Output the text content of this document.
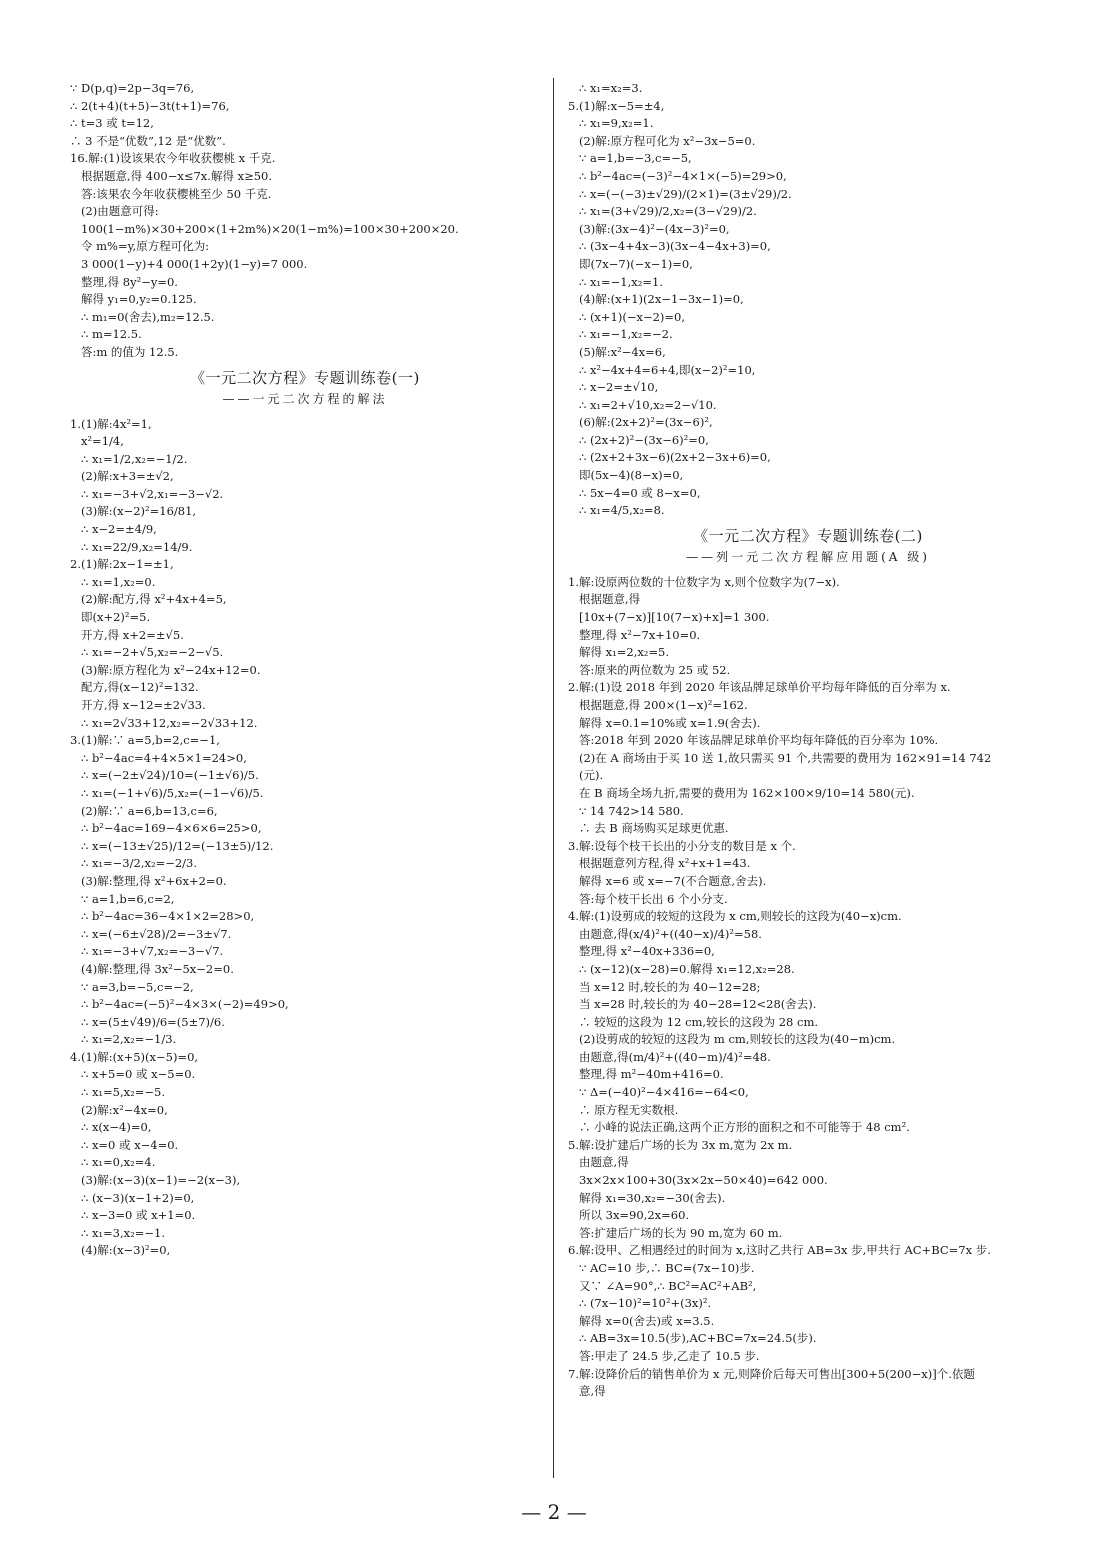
∵ D(p,q)=2p−3q=76,
∴ 2(t+4)(t+5)−3t(t+1)=76,
∴ t=3 或 t=12,
∴ 3 不是“优数”,12 是“优数”.
16.解:(1)设该果农今年收获樱桃 x 千克.
根据题意,得 400−x≤7x.解得 x≥50.
答:该果农今年收获樱桃至少 50 千克.
(2)由题意可得:
100(1−m%)×30+200×(1+2m%)×20(1−m%)=100×30+200×20.
令 m%=y,原方程可化为:
3 000(1−y)+4 000(1+2y)(1−y)=7 000.
整理,得 8y²−y=0.
解得 y₁=0,y₂=0.125.
∴ m₁=0(舍去),m₂=12.5.
∴ m=12.5.
答:m 的值为 12.5.
《一元二次方程》专题训练卷(一)
——一元二次方程的解法
1.(1)解:4x²=1,
x²=1/4,
∴ x₁=1/2,x₂=−1/2.
(2)解:x+3=±√2,
∴ x₁=−3+√2,x₁=−3−√2.
(3)解:(x−2)²=16/81,
∴ x−2=±4/9,
∴ x₁=22/9,x₂=14/9.
2.(1)解:2x−1=±1,
∴ x₁=1,x₂=0.
(2)解:配方,得 x²+4x+4=5,
即(x+2)²=5.
开方,得 x+2=±√5.
∴ x₁=−2+√5,x₂=−2−√5.
(3)解:原方程化为 x²−24x+12=0.
配方,得(x−12)²=132.
开方,得 x−12=±2√33.
∴ x₁=2√33+12,x₂=−2√33+12.
3.(1)解:∵ a=5,b=2,c=−1,
∴ b²−4ac=4+4×5×1=24>0,
∴ x=(−2±√24)/10=(−1±√6)/5.
∴ x₁=(−1+√6)/5,x₂=(−1−√6)/5.
(2)解:∵ a=6,b=13,c=6,
∴ b²−4ac=169−4×6×6=25>0,
∴ x=(−13±√25)/12=(−13±5)/12.
∴ x₁=−3/2,x₂=−2/3.
(3)解:整理,得 x²+6x+2=0.
∵ a=1,b=6,c=2,
∴ b²−4ac=36−4×1×2=28>0,
∴ x=(−6±√28)/2=−3±√7.
∴ x₁=−3+√7,x₂=−3−√7.
(4)解:整理,得 3x²−5x−2=0.
∵ a=3,b=−5,c=−2,
∴ b²−4ac=(−5)²−4×3×(−2)=49>0,
∴ x=(5±√49)/6=(5±7)/6.
∴ x₁=2,x₂=−1/3.
4.(1)解:(x+5)(x−5)=0,
∴ x+5=0 或 x−5=0.
∴ x₁=5,x₂=−5.
(2)解:x²−4x=0,
∴ x(x−4)=0,
∴ x=0 或 x−4=0.
∴ x₁=0,x₂=4.
(3)解:(x−3)(x−1)=−2(x−3),
∴ (x−3)(x−1+2)=0,
∴ x−3=0 或 x+1=0.
∴ x₁=3,x₂=−1.
(4)解:(x−3)²=0,
∴ x₁=x₂=3.
5.(1)解:x−5=±4,
∴ x₁=9,x₂=1.
(2)解:原方程可化为 x²−3x−5=0.
∵ a=1,b=−3,c=−5,
∴ b²−4ac=(−3)²−4×1×(−5)=29>0,
∴ x=(−(−3)±√29)/(2×1)=(3±√29)/2.
∴ x₁=(3+√29)/2,x₂=(3−√29)/2.
(3)解:(3x−4)²−(4x−3)²=0,
∴ (3x−4+4x−3)(3x−4−4x+3)=0,
即(7x−7)(−x−1)=0,
∴ x₁=−1,x₂=1.
(4)解:(x+1)(2x−1−3x−1)=0,
∴ (x+1)(−x−2)=0,
∴ x₁=−1,x₂=−2.
(5)解:x²−4x=6,
∴ x²−4x+4=6+4,即(x−2)²=10,
∴ x−2=±√10,
∴ x₁=2+√10,x₂=2−√10.
(6)解:(2x+2)²=(3x−6)²,
∴ (2x+2)²−(3x−6)²=0,
∴ (2x+2+3x−6)(2x+2−3x+6)=0,
即(5x−4)(8−x)=0,
∴ 5x−4=0 或 8−x=0,
∴ x₁=4/5,x₂=8.
《一元二次方程》专题训练卷(二)
——列一元二次方程解应用题(A 级)
1.解:设原两位数的十位数字为 x,则个位数字为(7−x).
根据题意,得
[10x+(7−x)][10(7−x)+x]=1 300.
整理,得 x²−7x+10=0.
解得 x₁=2,x₂=5.
答:原来的两位数为 25 或 52.
2.解:(1)设 2018 年到 2020 年该品牌足球单价平均每年降低的百分率为 x.
根据题意,得 200×(1−x)²=162.
解得 x=0.1=10%或 x=1.9(舍去).
答:2018 年到 2020 年该品牌足球单价平均每年降低的百分率为 10%.
(2)在 A 商场由于买 10 送 1,故只需买 91 个,共需要的费用为 162×91=14 742
(元).
在 B 商场全场九折,需要的费用为 162×100×9/10=14 580(元).
∵ 14 742>14 580.
∴ 去 B 商场购买足球更优惠.
3.解:设每个枝干长出的小分支的数目是 x 个.
根据题意列方程,得 x²+x+1=43.
解得 x=6 或 x=−7(不合题意,舍去).
答:每个枝干长出 6 个小分支.
4.解:(1)设剪成的较短的这段为 x cm,则较长的这段为(40−x)cm.
由题意,得(x/4)²+((40−x)/4)²=58.
整理,得 x²−40x+336=0,
∴ (x−12)(x−28)=0.解得 x₁=12,x₂=28.
当 x=12 时,较长的为 40−12=28;
当 x=28 时,较长的为 40−28=12<28(舍去).
∴ 较短的这段为 12 cm,较长的这段为 28 cm.
(2)设剪成的较短的这段为 m cm,则较长的这段为(40−m)cm.
由题意,得(m/4)²+((40−m)/4)²=48.
整理,得 m²−40m+416=0.
∵ Δ=(−40)²−4×416=−64<0,
∴ 原方程无实数根.
∴ 小峰的说法正确,这两个正方形的面积之和不可能等于 48 cm².
5.解:设扩建后广场的长为 3x m,宽为 2x m.
由题意,得
3x×2x×100+30(3x×2x−50×40)=642 000.
解得 x₁=30,x₂=−30(舍去).
所以 3x=90,2x=60.
答:扩建后广场的长为 90 m,宽为 60 m.
6.解:设甲、乙相遇经过的时间为 x,这时乙共行 AB=3x 步,甲共行 AC+BC=7x 步.
∵ AC=10 步,∴ BC=(7x−10)步.
又∵ ∠A=90°,∴ BC²=AC²+AB²,
∴ (7x−10)²=10²+(3x)².
解得 x=0(舍去)或 x=3.5.
∴ AB=3x=10.5(步),AC+BC=7x=24.5(步).
答:甲走了 24.5 步,乙走了 10.5 步.
7.解:设降价后的销售单价为 x 元,则降价后每天可售出[300+5(200−x)]个.依题
意,得
— 2 —
